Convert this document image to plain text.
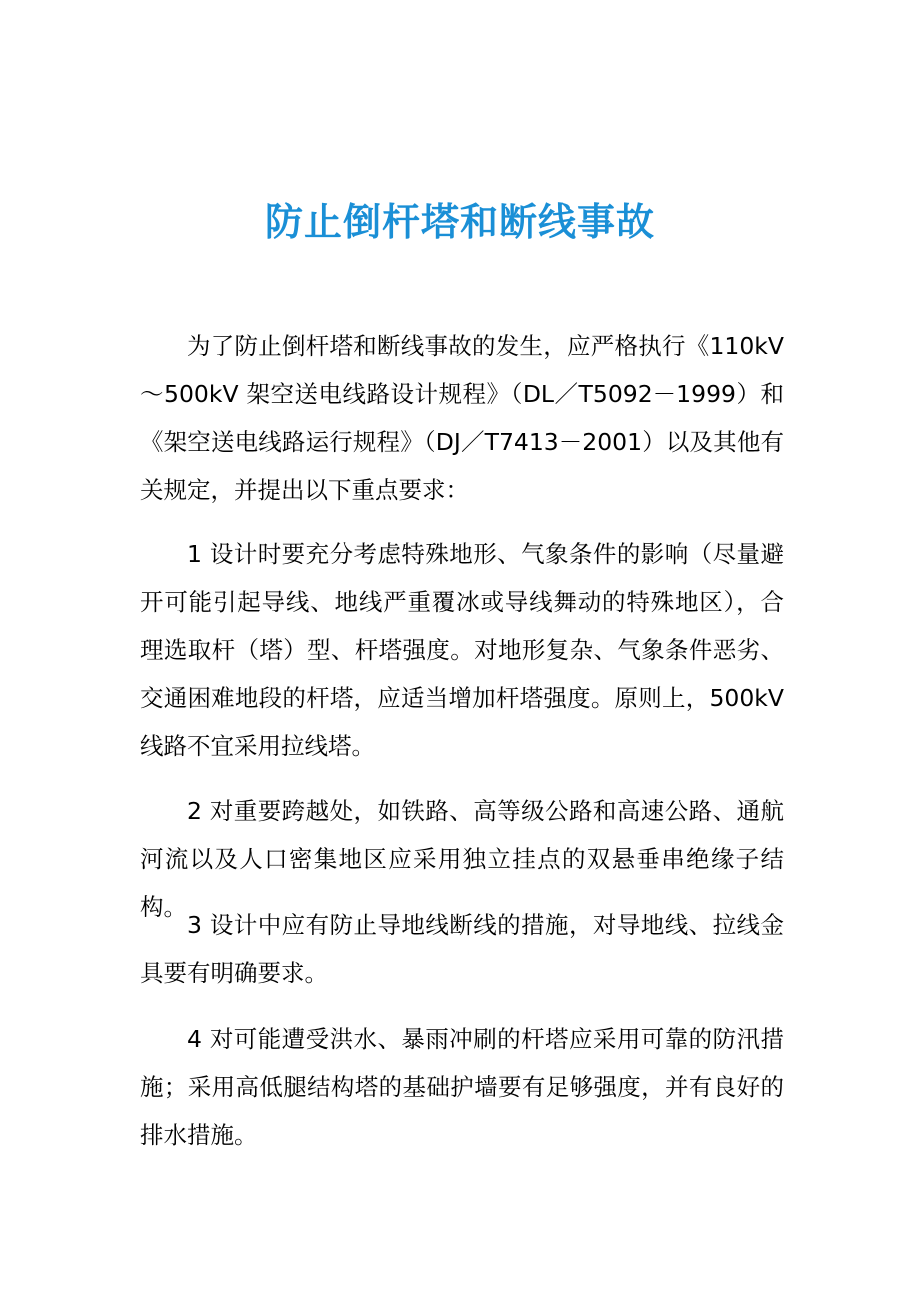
防止倒杆塔和断线事故

为了防止倒杆塔和断线事故的发生，应严格执行《110kV～500kV 架空送电线路设计规程》（DL／T5092－1999）和《架空送电线路运行规程》（DJ／T7413－2001）以及其他有关规定，并提出以下重点要求：

1 设计时要充分考虑特殊地形、气象条件的影响（尽量避开可能引起导线、地线严重覆冰或导线舞动的特殊地区），合理选取杆（塔）型、杆塔强度。对地形复杂、气象条件恶劣、交通困难地段的杆塔，应适当增加杆塔强度。原则上，500kV 线路不宜采用拉线塔。

2 对重要跨越处，如铁路、高等级公路和高速公路、通航河流以及人口密集地区应采用独立挂点的双悬垂串绝缘子结构。

3 设计中应有防止导地线断线的措施，对导地线、拉线金具要有明确要求。

4 对可能遭受洪水、暴雨冲刷的杆塔应采用可靠的防汛措施；采用高低腿结构塔的基础护墙要有足够强度，并有良好的排水措施。
